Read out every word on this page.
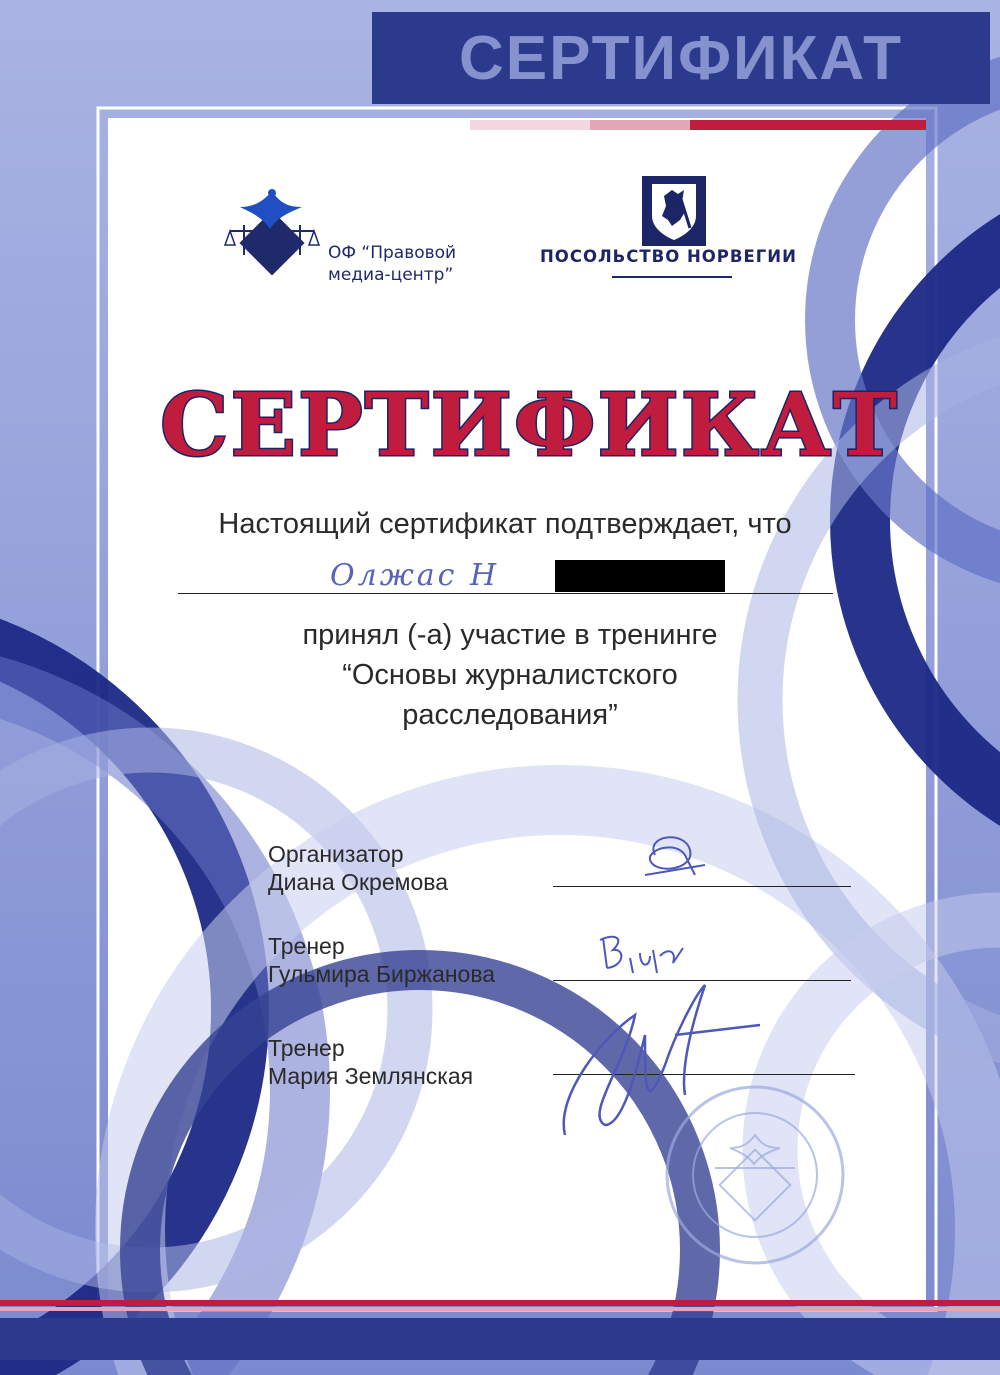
СЕРТИФИКАТ
ОФ “Правовой
медиа-центр”
ПОСОЛЬСТВО НОРВЕГИИ
СЕРТИФИКАТ
Настоящий сертификат подтверждает, что
Олжас Н
принял (-а) участие в тренинге
“Основы журналистского
расследования”
Организатор
Диана Окремова
Тренер
Гульмира Биржанова
Тренер
Мария Землянская
